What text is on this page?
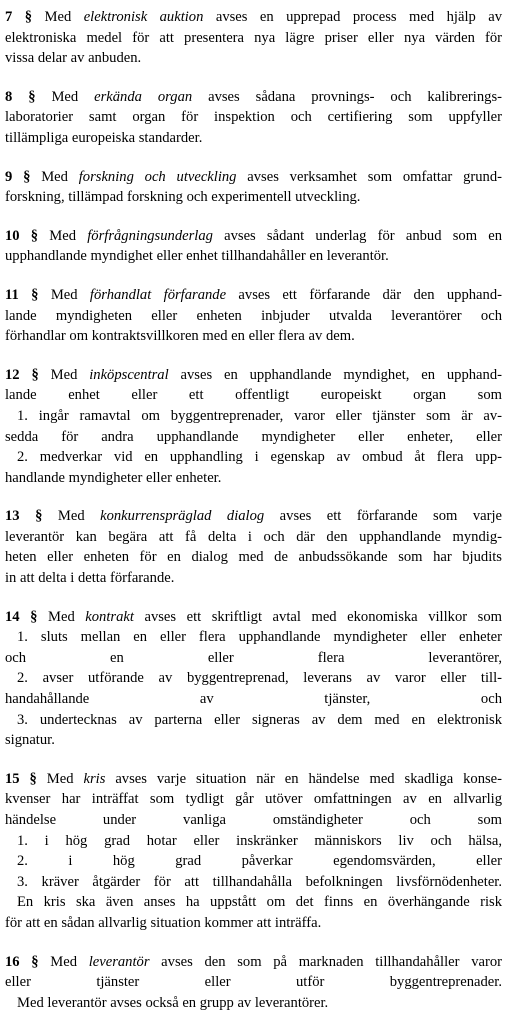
7 § Med elektronisk auktion avses en upprepad process med hjälp av
elektroniska medel för att presentera nya lägre priser eller nya värden för
vissa delar av anbuden.
8 § Med erkända organ avses sådana provnings- och kalibrerings-
laboratorier samt organ för inspektion och certifiering som uppfyller
tillämpliga europeiska standarder.
9 § Med forskning och utveckling avses verksamhet som omfattar grund-
forskning, tillämpad forskning och experimentell utveckling.
10 § Med förfrågningsunderlag avses sådant underlag för anbud som en
upphandlande myndighet eller enhet tillhandahåller en leverantör.
11 § Med förhandlat förfarande avses ett förfarande där den upphand-
lande myndigheten eller enheten inbjuder utvalda leverantörer och
förhandlar om kontraktsvillkoren med en eller flera av dem.
12 § Med inköpscentral avses en upphandlande myndighet, en upphand-
lande enhet eller ett offentligt europeiskt organ som
1. ingår ramavtal om byggentreprenader, varor eller tjänster som är av-
sedda för andra upphandlande myndigheter eller enheter, eller
2. medverkar vid en upphandling i egenskap av ombud åt flera upp-
handlande myndigheter eller enheter.
13 § Med konkurrenspräglad dialog avses ett förfarande som varje
leverantör kan begära att få delta i och där den upphandlande myndig-
heten eller enheten för en dialog med de anbudssökande som har bjudits
in att delta i detta förfarande.
14 § Med kontrakt avses ett skriftligt avtal med ekonomiska villkor som
1. sluts mellan en eller flera upphandlande myndigheter eller enheter
och en eller flera leverantörer,
2. avser utförande av byggentreprenad, leverans av varor eller till-
handahållande av tjänster, och
3. undertecknas av parterna eller signeras av dem med en elektronisk
signatur.
15 § Med kris avses varje situation när en händelse med skadliga konse-
kvenser har inträffat som tydligt går utöver omfattningen av en allvarlig
händelse under vanliga omständigheter och som
1. i hög grad hotar eller inskränker människors liv och hälsa,
2. i hög grad påverkar egendomsvärden, eller
3. kräver åtgärder för att tillhandahålla befolkningen livsförnödenheter.
En kris ska även anses ha uppstått om det finns en överhängande risk
för att en sådan allvarlig situation kommer att inträffa.
16 § Med leverantör avses den som på marknaden tillhandahåller varor
eller tjänster eller utför byggentreprenader.
Med leverantör avses också en grupp av leverantörer.
